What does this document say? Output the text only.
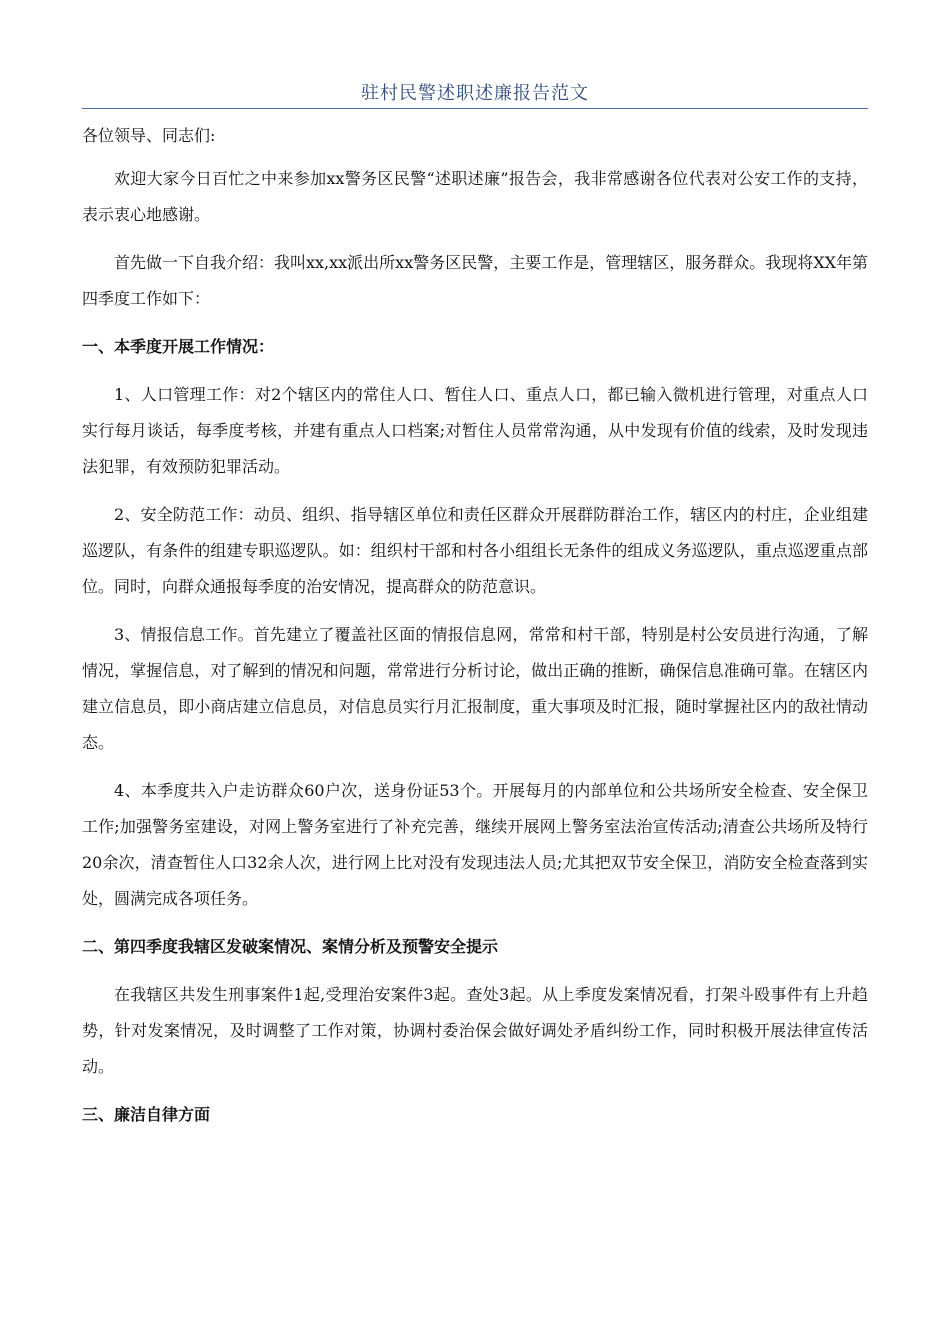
驻村民警述职述廉报告范文
各位领导、同志们:

欢迎大家今日百忙之中来参加xx警务区民警“述职述廉”报告会，我非常感谢各位代表对公安工作的支持，表示衷心地感谢。

首先做一下自我介绍：我叫xx,xx派出所xx警务区民警，主要工作是，管理辖区，服务群众。我现将XX年第四季度工作如下：

一、本季度开展工作情况：

1、人口管理工作：对2个辖区内的常住人口、暂住人口、重点人口，都已输入微机进行管理，对重点人口实行每月谈话，每季度考核，并建有重点人口档案;对暂住人员常常沟通，从中发现有价值的线索，及时发现违法犯罪，有效预防犯罪活动。

2、安全防范工作：动员、组织、指导辖区单位和责任区群众开展群防群治工作，辖区内的村庄，企业组建巡逻队，有条件的组建专职巡逻队。如：组织村干部和村各小组组长无条件的组成义务巡逻队，重点巡逻重点部位。同时，向群众通报每季度的治安情况，提高群众的防范意识。

3、情报信息工作。首先建立了覆盖社区面的情报信息网，常常和村干部，特别是村公安员进行沟通，了解情况，掌握信息，对了解到的情况和问题，常常进行分析讨论，做出正确的推断，确保信息准确可靠。在辖区内建立信息员，即小商店建立信息员，对信息员实行月汇报制度，重大事项及时汇报，随时掌握社区内的敌社情动态。

4、本季度共入户走访群众60户次，送身份证53个。开展每月的内部单位和公共场所安全检查、安全保卫工作;加强警务室建设，对网上警务室进行了补充完善，继续开展网上警务室法治宣传活动;清查公共场所及特行20余次，清查暂住人口32余人次，进行网上比对没有发现违法人员;尤其把双节安全保卫，消防安全检查落到实处，圆满完成各项任务。

二、第四季度我辖区发破案情况、案情分析及预警安全提示

在我辖区共发生刑事案件1起,受理治安案件3起。查处3起。从上季度发案情况看，打架斗殴事件有上升趋势，针对发案情况，及时调整了工作对策，协调村委治保会做好调处矛盾纠纷工作，同时积极开展法律宣传活动。

三、廉洁自律方面
